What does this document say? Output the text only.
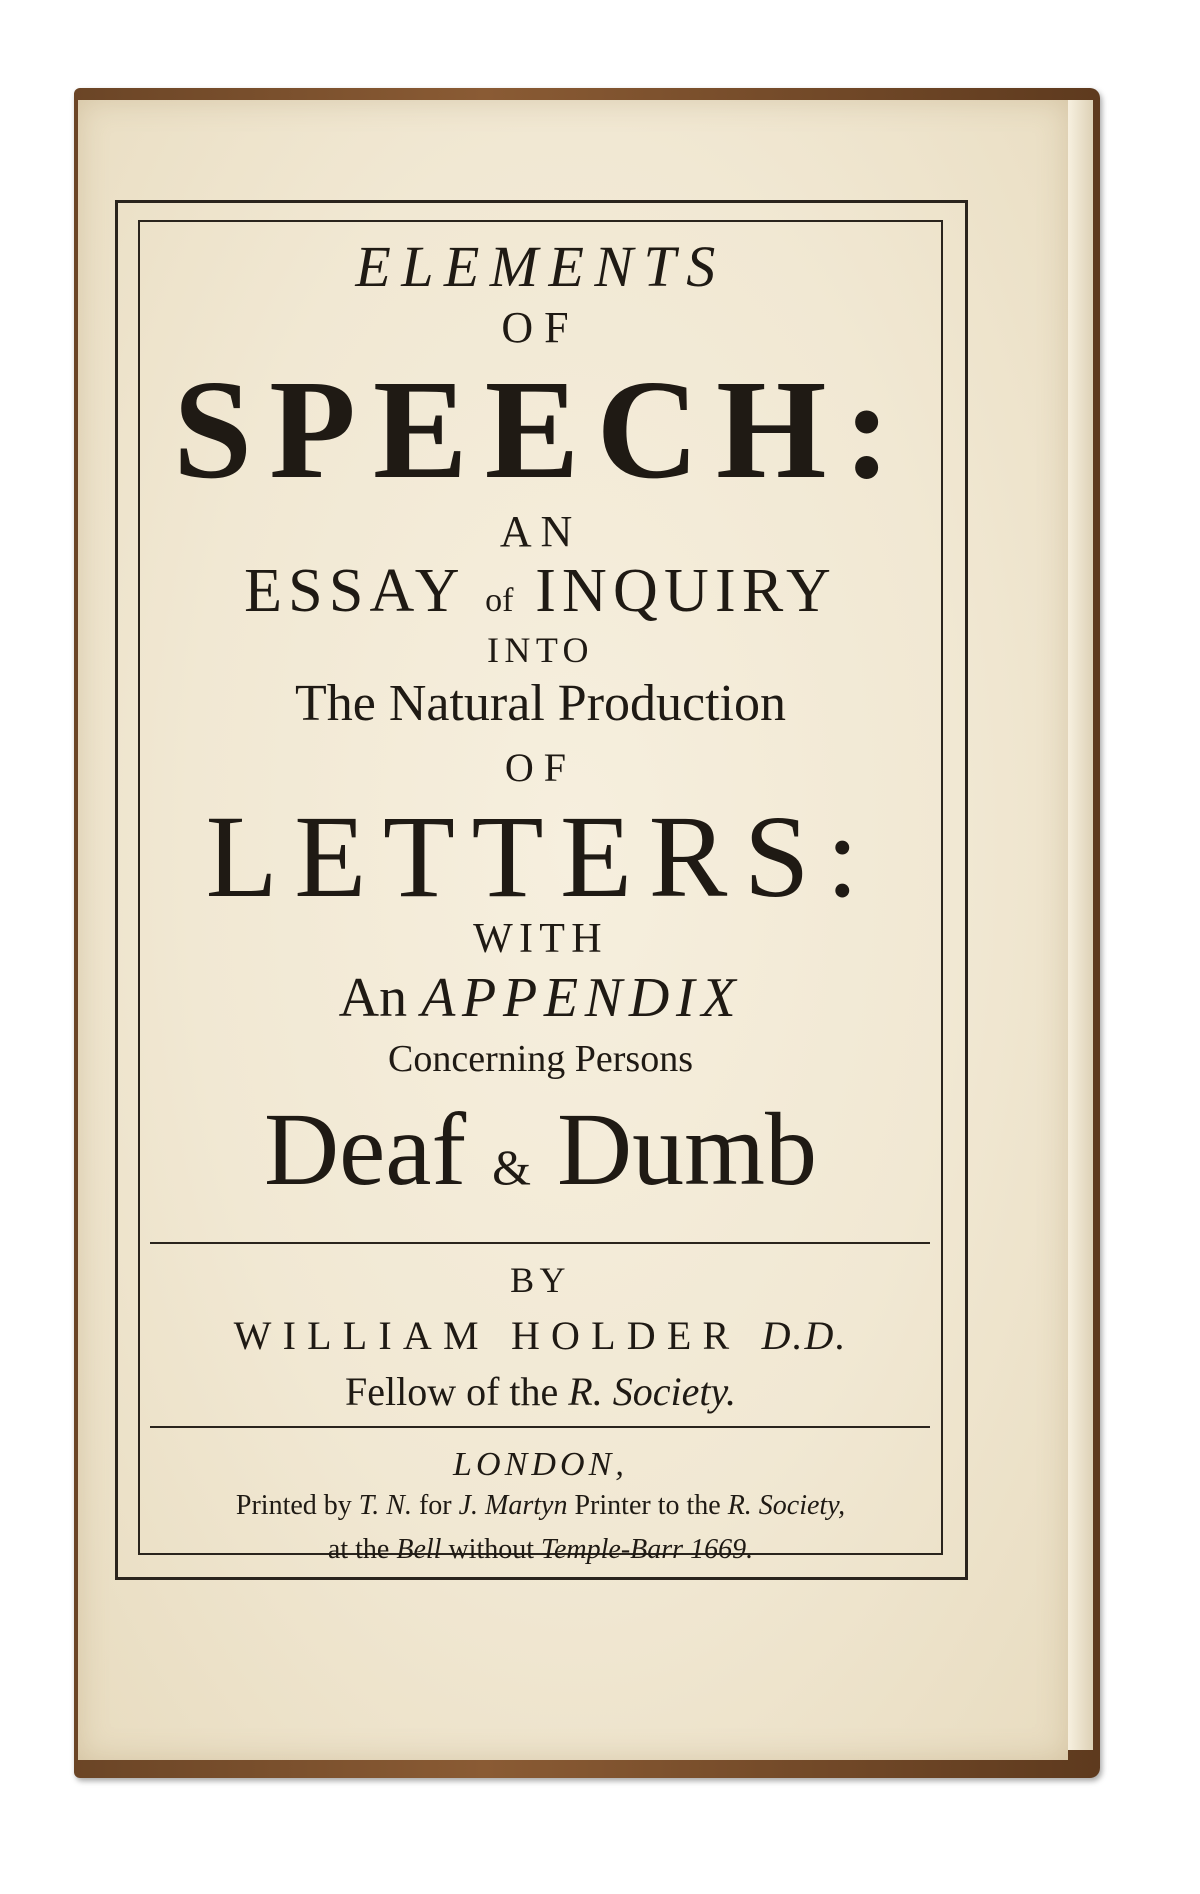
ELEMENTS

OF

SPEECH:

AN

ESSAY of INQUIRY

INTO

The Natural Production

OF

LETTERS:

WITH

An APPENDIX

Concerning Persons

Deaf & Dumb

BY

WILLIAM HOLDER D.D.

Fellow of the R. Society.

LONDON,

Printed by T. N. for J. Martyn Printer to the R. Society,

at the Bell without Temple-Barr 1669.
